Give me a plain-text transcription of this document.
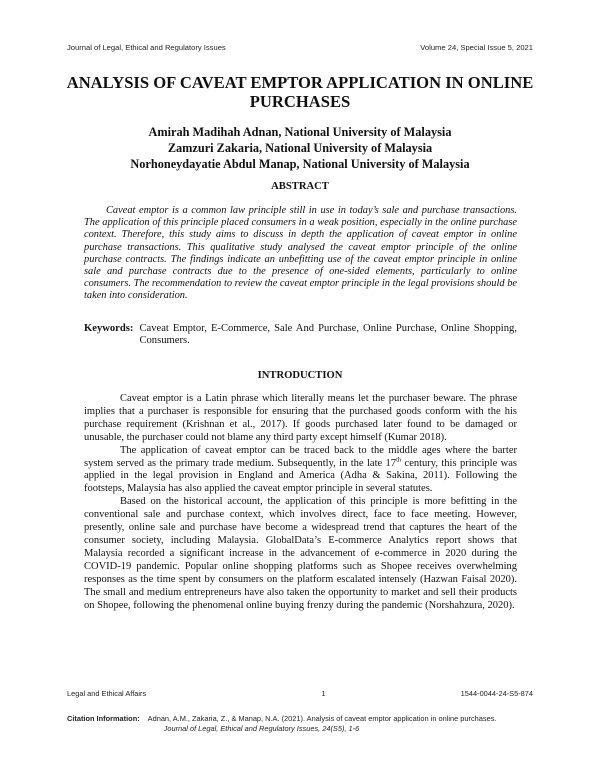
Journal of Legal, Ethical and Regulatory Issues	Volume 24, Special Issue 5, 2021
ANALYSIS OF CAVEAT EMPTOR APPLICATION IN ONLINE PURCHASES
Amirah Madihah Adnan, National University of Malaysia
Zamzuri Zakaria, National University of Malaysia
Norhoneydayatie Abdul Manap, National University of Malaysia
ABSTRACT

Caveat emptor is a common law principle still in use in today’s sale and purchase transactions. The application of this principle placed consumers in a weak position, especially in the online purchase context. Therefore, this study aims to discuss in depth the application of caveat emptor in online purchase transactions. This qualitative study analysed the caveat emptor principle of the online purchase contracts. The findings indicate an unbefitting use of the caveat emptor principle in online sale and purchase contracts due to the presence of one-sided elements, particularly to online consumers. The recommendation to review the caveat emptor principle in the legal provisions should be taken into consideration.

Keywords: Caveat Emptor, E-Commerce, Sale And Purchase, Online Purchase, Online Shopping, Consumers.
INTRODUCTION

Caveat emptor is a Latin phrase which literally means let the purchaser beware. The phrase implies that a purchaser is responsible for ensuring that the purchased goods conform with the his purchase requirement (Krishnan et al., 2017). If goods purchased later found to be damaged or unusable, the purchaser could not blame any third party except himself (Kumar 2018).

The application of caveat emptor can be traced back to the middle ages where the barter system served as the primary trade medium. Subsequently, in the late 17th century, this principle was applied in the legal provision in England and America (Adha & Sakina, 2011). Following the footsteps, Malaysia has also applied the caveat emptor principle in several statutes.

Based on the historical account, the application of this principle is more befitting in the conventional sale and purchase context, which involves direct, face to face meeting. However, presently, online sale and purchase have become a widespread trend that captures the heart of the consumer society, including Malaysia. GlobalData’s E-commerce Analytics report shows that Malaysia recorded a significant increase in the advancement of e-commerce in 2020 during the COVID-19 pandemic. Popular online shopping platforms such as Shopee receives overwhelming responses as the time spent by consumers on the platform escalated intensely (Hazwan Faisal 2020). The small and medium entrepreneurs have also taken the opportunity to market and sell their products on Shopee, following the phenomenal online buying frenzy during the pandemic (Norshahzura, 2020).

Legal and Ethical Affairs	1	1544-0044-24-S5-874
Citation Information: Adnan, A.M., Zakaria, Z., & Manap, N.A. (2021). Analysis of caveat emptor application in online purchases.
Journal of Legal, Ethical and Regulatory Issues, 24(S5), 1-6
